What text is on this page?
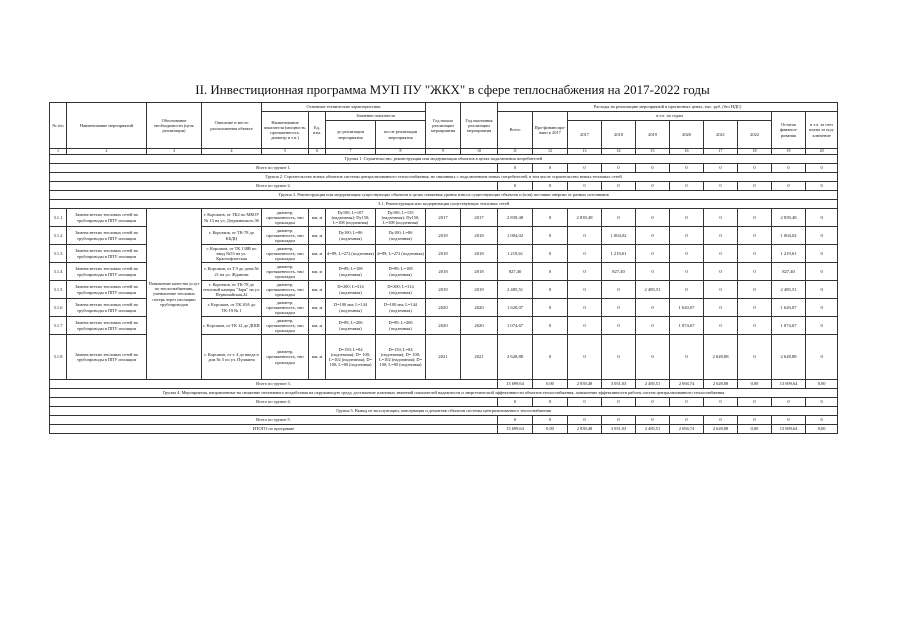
II. Инвестиционная программа МУП ПУ "ЖКХ" в сфере теплоснабжения на 2017-2022 годы
№ п/п	Наименование мероприятий	Обоснование необходимости (цель реализации)	Описание и место расположения объекта	Основные технические характеристики				Год начала реализации мероприятия	Год окончания реализации мероприятия	Расходы на реализацию мероприятий в прогнозных ценах, тыс. руб. (без НДС)									
				Наименование показателя (мощность, протяженность, диаметр и т.п.)	Ед. изм.	Значение показателя				Всего	Про-финансиро-вано к 2017	в т.ч. по годам						Остаток финанси-рования	в т.ч. за счет платы за под-ключение
						до реализации мероприятия	после реализации мероприятия					2017	2018	2019	2020	2021	2022		
1	2	3	4	5	6	7	8	9	10	11	12	13	14	15	16	17	18	19	20
Группа 1. Строительство, реконструкция или модернизация объектов в целях подключения потребителей																			
Всего по группе 1.										0	0	0	0	0	0	0	0	0	0
Группа 2. Строительство новых объектов системы централизованного теплоснабжения, не связанных с подключением новых потребителей, в том числе строительство новых тепловых сетей																			
Всего по группе 2.										0	0	0	0	0	0	0	0	0	0
Группа 3. Реконструкция или модернизация существующих объектов в целях снижения уровня износа существующих объектов и (или) поставки энергии от разных источников																			
3.1. Реконструкция или модернизация существующих тепловых сетей																			
3.1.1	Замена ветхих тепловых сетей на трубопроводы в ППУ изоляции	Повышение качества услуг по теплоснабжению, уменьшение тепловых потерь через изоляцию трубопроводов	г. Корсаков, от ТК2 по МКОУ № 13 на ул. Дзержинского,36	диаметр, протяженность, тип прокладки	мм, м	Dу100; L=107 (надземная); Dу150; L=108 (подземная)	Dу100; L=155 (надземная); Dу150; L=108 (подземная)	2017	2017	2 839,48	0	2 839,48	0	0	0	0	0	2 839,48	0
3.1.2	Замена ветхих тепловых сетей на трубопроводы в ППУ изоляции		г. Корсаков, от ТК-78 до КБДЦ	диаметр, протяженность, тип прокладки	мм, м	Dу100; L=86 (подземная)	Dу100; L=86 (подземная)	2018	2018	1 004,02	0	0	1 004,02	0	0	0	0	1 004,02	0
3.1.3	Замена ветхих тепловых сетей на трубопроводы в ППУ изоляции		г. Корсаков, от ТК 138В по ввод №53 на ул. Краснофлотская	диаметр, протяженность, тип прокладки	мм, м	d=89; L=272 (подземная)	d=89; L=272 (подземная)	2018	2018	1 219,61	0	0	1 219,61	0	0	0	0	1 219,61	0
3.1.4	Замена ветхих тепловых сетей на трубопроводы в ППУ изоляции		г. Корсаков, от ТЭ до дома № 21 на ул. Жданова	диаметр, протяженность, тип прокладки	мм, м	D=89; L=108 (подземная)	D=89; L=108 (подземная)	2018	2018	827,40	0	0	827,40	0	0	0	0	827,40	0
3.1.5	Замена ветхих тепловых сетей на трубопроводы в ППУ изоляции		г. Корсаков, от ТК-78 до тепловой камеры "Заря" на ул. Первомайская,22	диаметр, протяженность, тип прокладки	мм, м	D=200; L=314 (подземная)	D=200; L=314 (подземная)	2019	2019	2 485,51	0	0	0	2 485,51	0	0	0	2 485,51	0
3.1.6	Замена ветхих тепловых сетей на трубопроводы в ППУ изоляции		г. Корсаков, от ТК 20А до ТК-19 № 1	диаметр, протяженность, тип прокладки	мм, м	D=100 мм; L=144 (подземная)	D=100 мм; L=144 (подземная)	2020	2020	1 620,07	0	0	0	0	1 620,07	0	0	1 620,07	0
3.1.7	Замена ветхих тепловых сетей на трубопроводы в ППУ изоляции		г. Корсаков, от ТК 12 до ДШИ	диаметр, протяженность, тип прокладки	мм, м	D=89; L=206 (подземная)	D=89; L=206 (подземная)	2020	2020	1 074,67	0	0	0	0	1 074,67	0	0	1 074,67	0
3.1.8	Замена ветхих тепловых сетей на трубопроводы в ППУ изоляции		г. Корсаков, от т. 4 до ввода в дом № 5 по ул. Пушкина	диаметр, протяженность, тип прокладки	мм, м	D=150; L=84 (подземная); D= 100; L=102 (надземная); D= 100; L=80 (подземная)	D=150; L=84 (подземная); D= 100; L=102 (надземная); D= 100; L=80 (подземная)	2021	2021	2 628,88	0	0	0	0	0	2 628,88	0	2 628,88	0
Всего по группе 3.										13 699,64	0,00	2 839,48	3 051,03	2 485,51	2 694,74	2 628,88	0,00	13 699,64	0,00
Группа 4. Мероприятия, направленные на снижение негативного воздействия на окружающую среду, достижение плановых значений показателей надежности и энергетической эффективности объектов теплоснабжения, повышение эффективности работы систем централизованного теплоснабжения																			
Всего по группе 4.										0	0	0	0	0	0	0	0	0	0
Группа 5. Вывод из эксплуатации, консервация и демонтаж объектов системы централизованного теплоснабжения																			
Всего по группе 5.										0	0	0	0	0	0	0	0	0	0
ИТОГО по программе										13 699,64	0,00	2 839,48	3 051,03	2 485,51	2 694,74	2 628,88	0,00	13 699,64	0,00
